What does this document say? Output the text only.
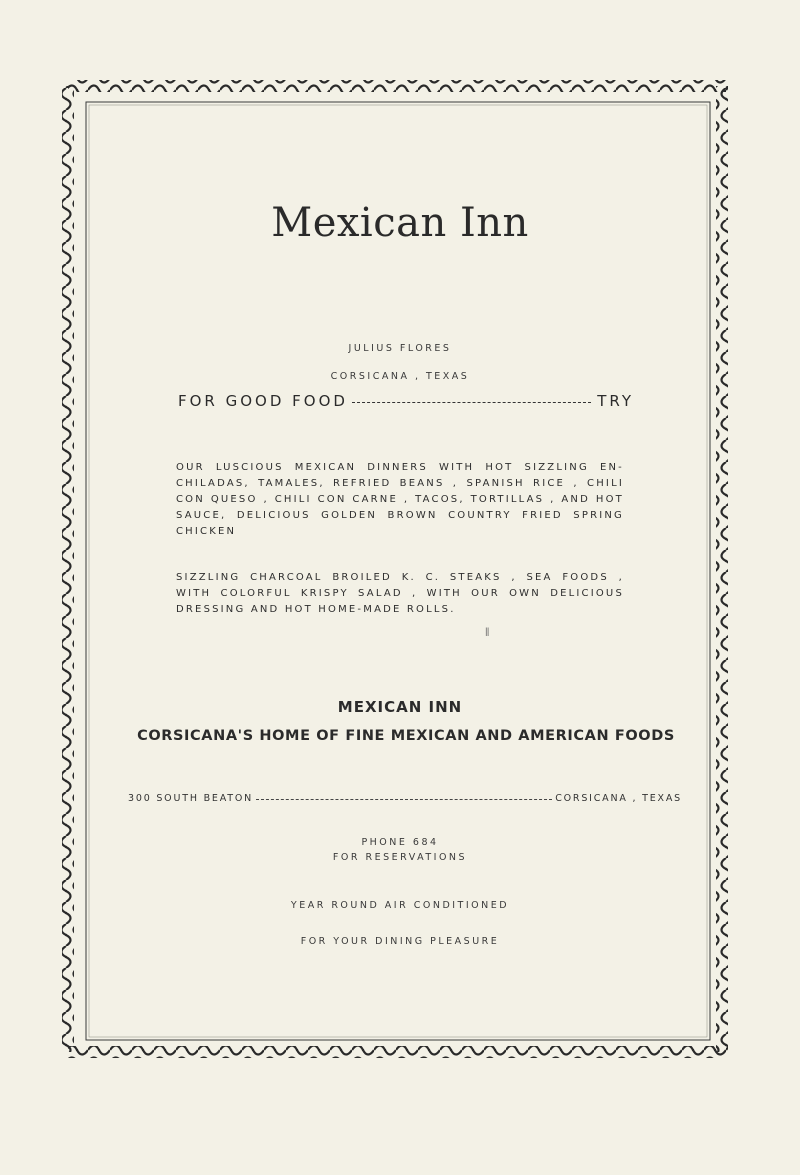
Mexican Inn
JULIUS FLORES
CORSICANA , TEXAS
FOR GOOD FOOD	TRY
OUR LUSCIOUS MEXICAN DINNERS WITH HOT SIZZLING EN-CHILADAS, TAMALES, REFRIED BEANS , SPANISH RICE , CHILI CON QUESO , CHILI CON CARNE , TACOS, TORTILLAS , AND HOT SAUCE, DELICIOUS GOLDEN BROWN COUNTRY FRIED SPRING CHICKEN
SIZZLING CHARCOAL BROILED K. C. STEAKS , SEA FOODS , WITH COLORFUL KRISPY SALAD , WITH OUR OWN DELICIOUS DRESSING AND HOT HOME-MADE ROLLS.
ǁ
MEXICAN INN
CORSICANA'S HOME OF FINE MEXICAN AND AMERICAN FOODS
300 SOUTH BEATON	CORSICANA , TEXAS
PHONE 684
FOR RESERVATIONS
YEAR ROUND AIR CONDITIONED
FOR YOUR DINING PLEASURE
